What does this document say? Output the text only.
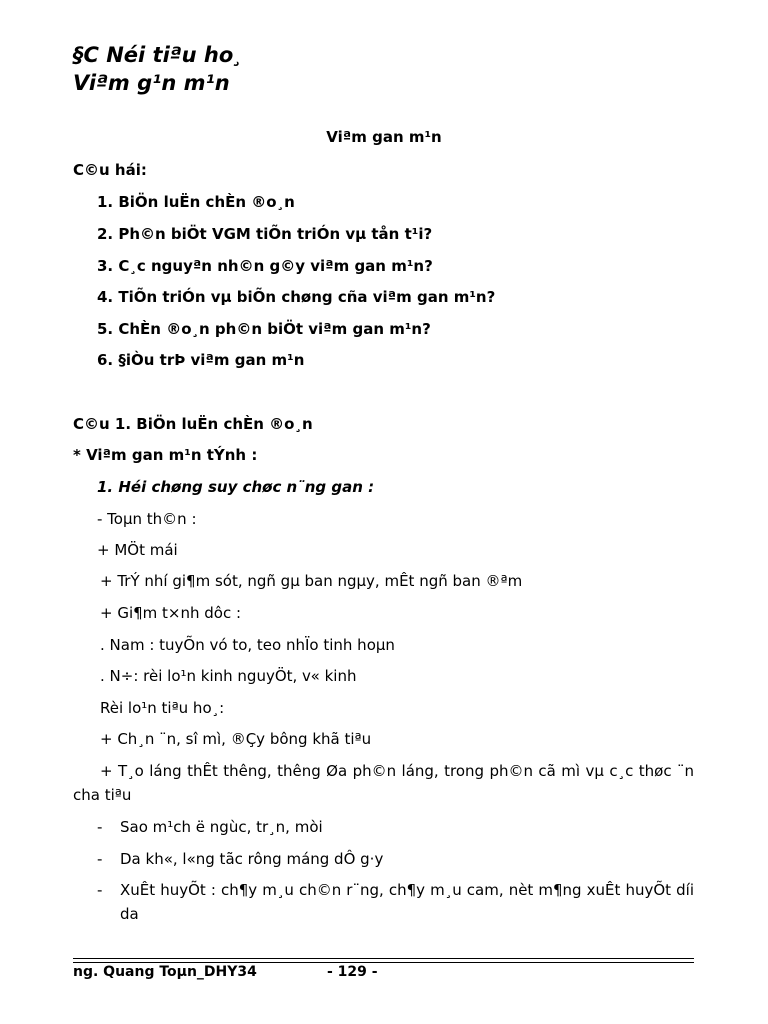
§C Néi tiªu ho¸
Viªm g¹n m¹n
Viªm gan m¹n
C©u hái:
1. BiÖn luËn chÈn ®o¸n
2. Ph©n biÖt VGM tiÕn triÓn vµ tån t¹i?
3. C¸c nguyªn nh©n g©y viªm gan m¹n?
4. TiÕn triÓn vµ biÕn chøng cña viªm gan m¹n?
5. ChÈn ®o¸n ph©n biÖt viªm gan m¹n?
6. §iÒu trÞ viªm gan m¹n
C©u 1. BiÖn luËn chÈn ®o¸n
* Viªm gan m¹n tÝnh :
1. Héi chøng suy chøc n¨ng gan :
- Toµn th©n :
+ MÖt mái
+ TrÝ nhí gi¶m sót, ngñ gµ ban ngµy, mÊt ngñ ban ®ªm
+ Gi¶m t×nh dôc :
. Nam : tuyÕn vó to, teo nhÏo tinh hoµn
. N÷: rèi lo¹n kinh nguyÖt, v« kinh
Rèi lo¹n tiªu ho¸:
+ Ch¸n ¨n, sî mì, ®Çy bông khã tiªu
+ T¸o láng thÊt thêng, thêng Øa ph©n láng, trong ph©n cã mì vµ c¸c thøc ¨n cha tiªu
- Sao m¹ch ë ngùc, tr¸n, mòi
- Da kh«, l«ng tãc rông máng dÔ g·y
- XuÊt huyÕt : ch¶y m¸u ch©n r¨ng, ch¶y m¸u cam, nèt m¶ng xuÊt huyÕt díi da
ng. Quang Toµn_DHY34	- 129 -
